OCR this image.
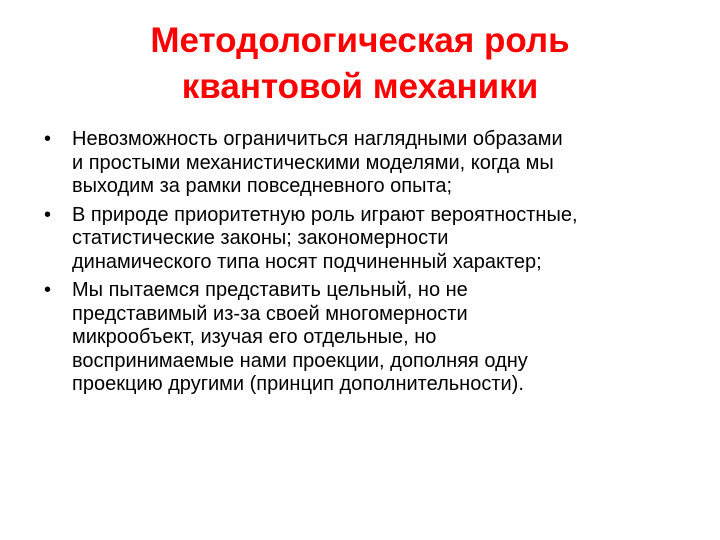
Методологическая роль
квантовой механики
• Невозможность ограничиться наглядными образами
и простыми механистическими моделями, когда мы
выходим за рамки повседневного опыта;
• В природе приоритетную роль играют вероятностные,
статистические законы; закономерности
динамического типа носят подчиненный характер;
• Мы пытаемся представить цельный, но не
представимый из-за своей многомерности
микрообъект, изучая его отдельные, но
воспринимаемые нами проекции, дополняя одну
проекцию другими (принцип дополнительности).
